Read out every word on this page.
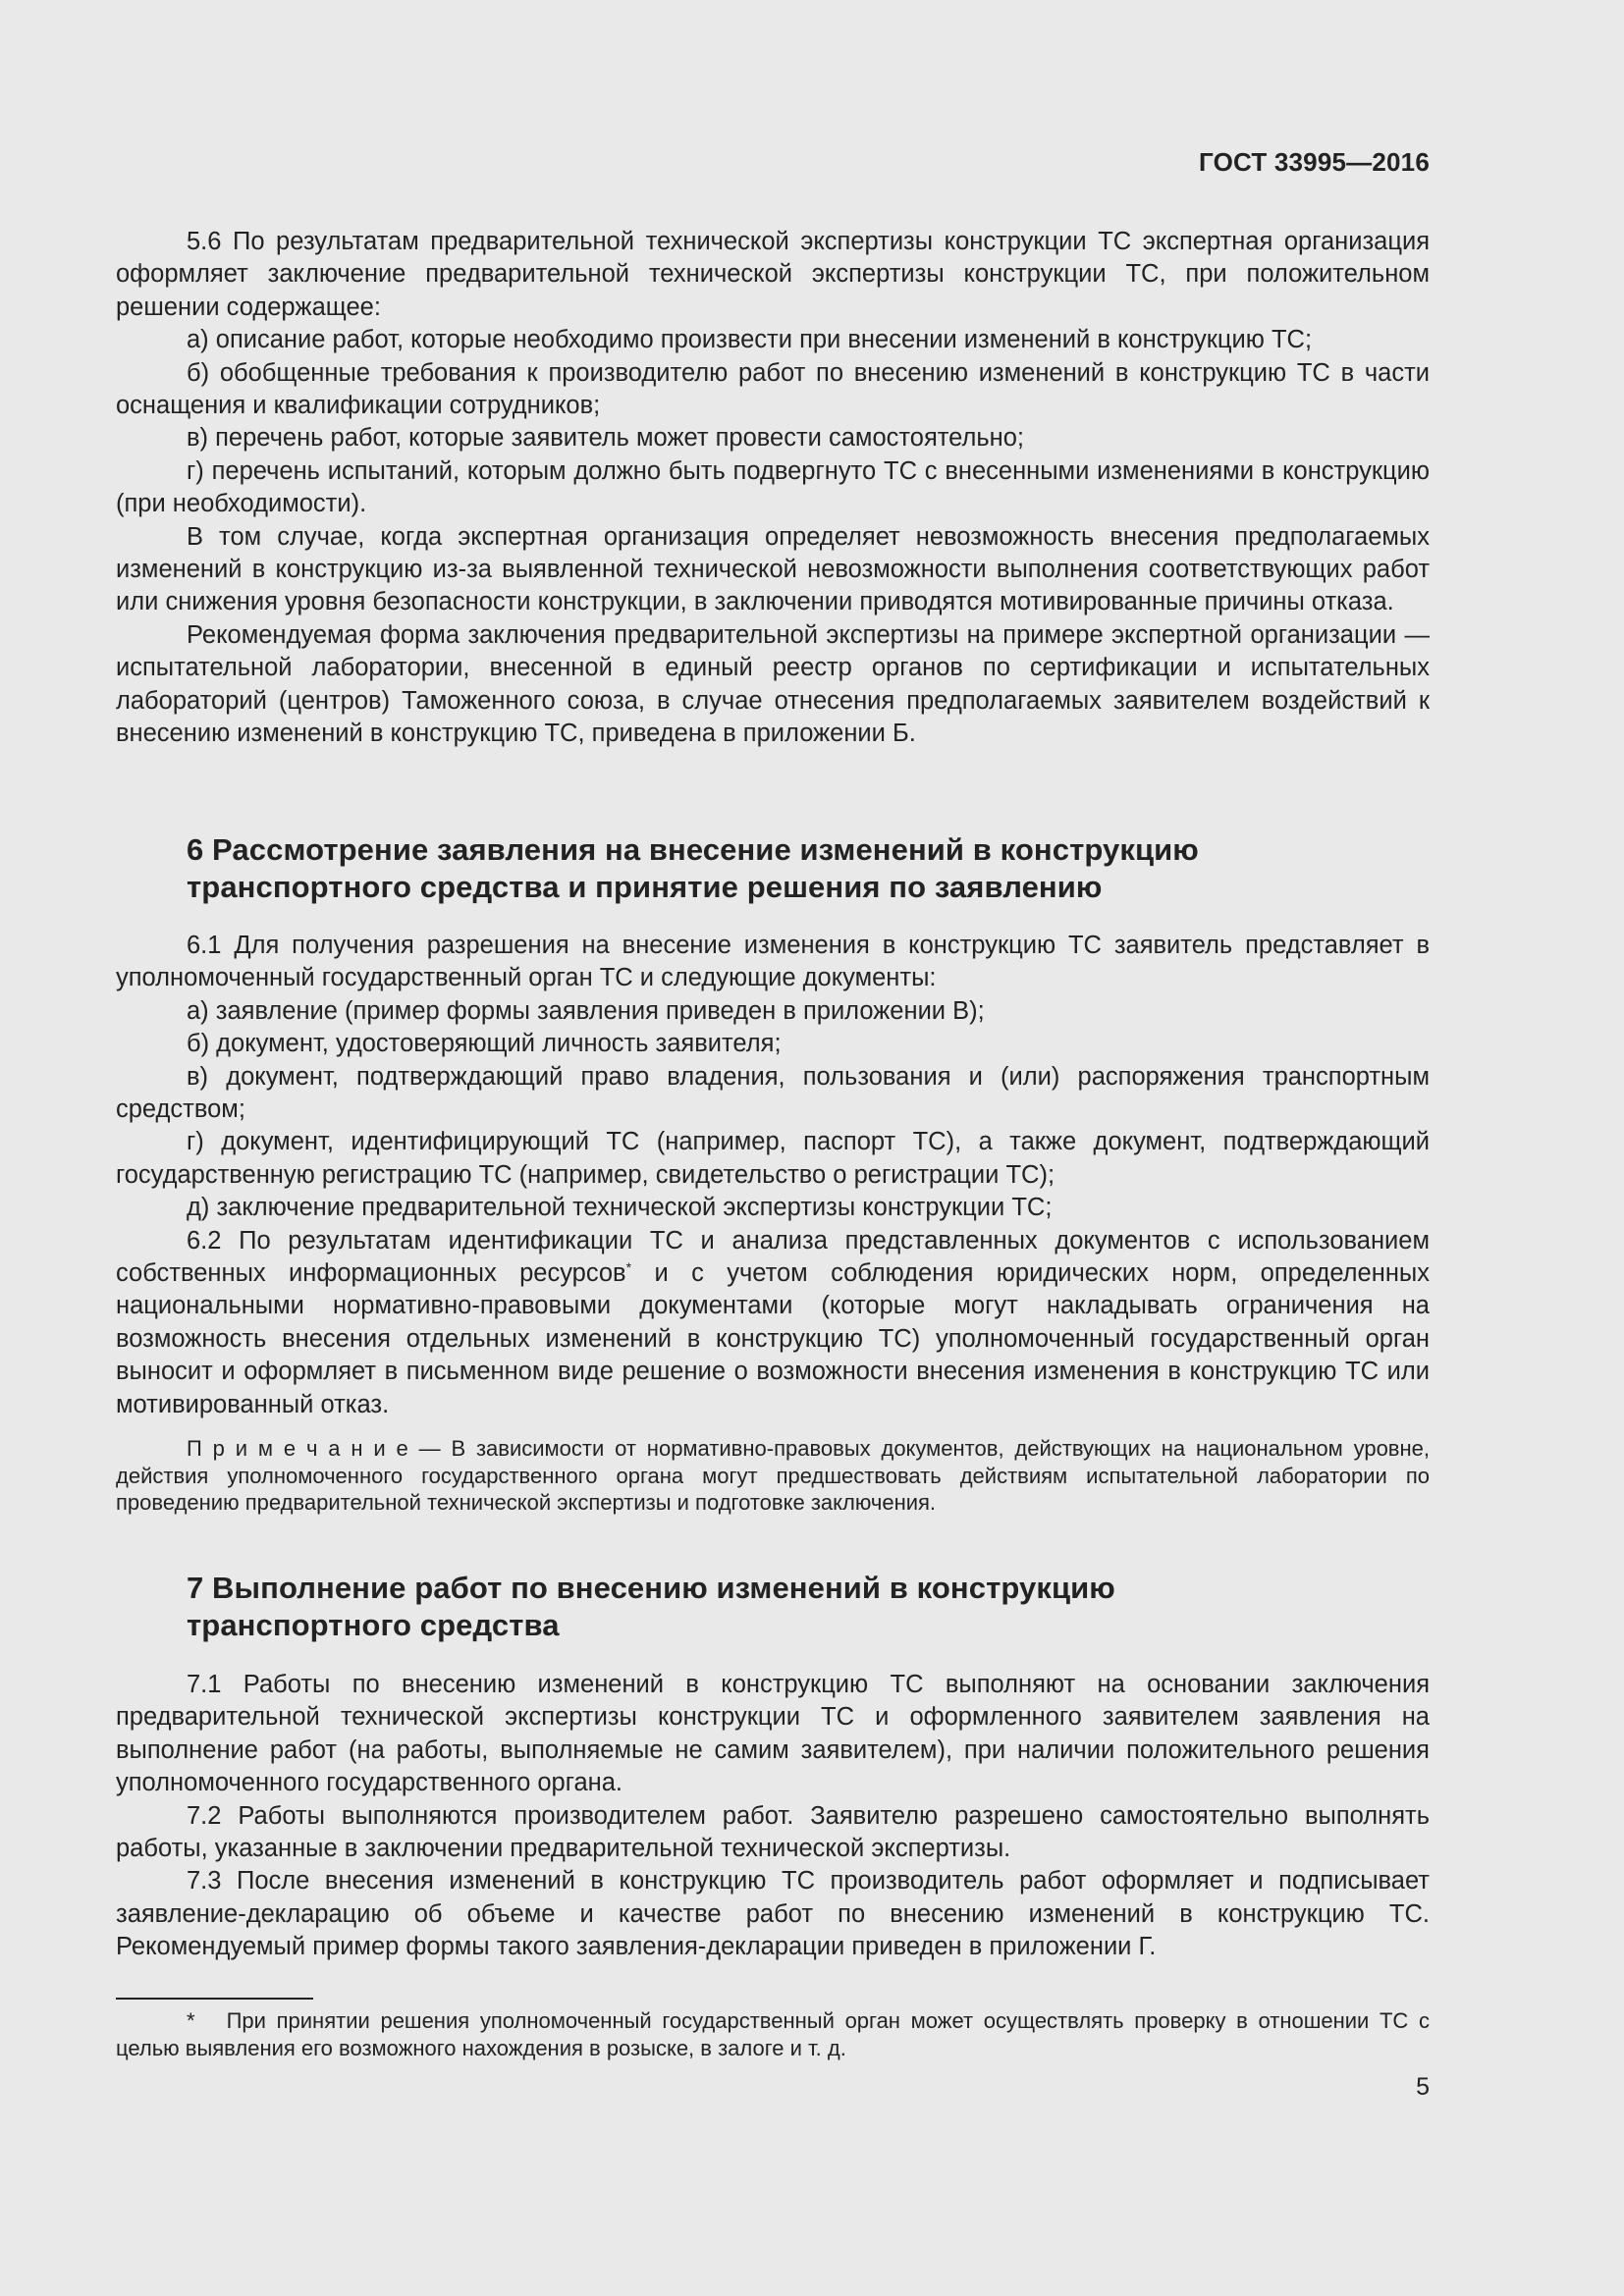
ГОСТ 33995—2016

5.6 По результатам предварительной технической экспертизы конструкции ТС экспертная организация оформляет заключение предварительной технической экспертизы конструкции ТС, при положительном решении содержащее:

а) описание работ, которые необходимо произвести при внесении изменений в конструкцию ТС;

б) обобщенные требования к производителю работ по внесению изменений в конструкцию ТС в части оснащения и квалификации сотрудников;

в) перечень работ, которые заявитель может провести самостоятельно;

г) перечень испытаний, которым должно быть подвергнуто ТС с внесенными изменениями в конструкцию (при необходимости).

В том случае, когда экспертная организация определяет невозможность внесения предполагаемых изменений в конструкцию из-за выявленной технической невозможности выполнения соответствующих работ или снижения уровня безопасности конструкции, в заключении приводятся мотивированные причины отказа.

Рекомендуемая форма заключения предварительной экспертизы на примере экспертной организации — испытательной лаборатории, внесенной в единый реестр органов по сертификации и испытательных лабораторий (центров) Таможенного союза, в случае отнесения предполагаемых заявителем воздействий к внесению изменений в конструкцию ТС, приведена в приложении Б.

6 Рассмотрение заявления на внесение изменений в конструкцию
транспортного средства и принятие решения по заявлению

6.1 Для получения разрешения на внесение изменения в конструкцию ТС заявитель представляет в уполномоченный государственный орган ТС и следующие документы:

а) заявление (пример формы заявления приведен в приложении В);

б) документ, удостоверяющий личность заявителя;

в) документ, подтверждающий право владения, пользования и (или) распоряжения транспортным средством;

г) документ, идентифицирующий ТС (например, паспорт ТС), а также документ, подтверждающий государственную регистрацию ТС (например, свидетельство о регистрации ТС);

д) заключение предварительной технической экспертизы конструкции ТС;

6.2 По результатам идентификации ТС и анализа представленных документов с использованием собственных информационных ресурсов* и с учетом соблюдения юридических норм, определенных национальными нормативно-правовыми документами (которые могут накладывать ограничения на возможность внесения отдельных изменений в конструкцию ТС) уполномоченный государственный орган выносит и оформляет в письменном виде решение о возможности внесения изменения в конструкцию ТС или мотивированный отказ.

П р и м е ч а н и е — В зависимости от нормативно-правовых документов, действующих на национальном уровне, действия уполномоченного государственного органа могут предшествовать действиям испытательной лаборатории по проведению предварительной технической экспертизы и подготовке заключения.

7 Выполнение работ по внесению изменений в конструкцию
транспортного средства

7.1 Работы по внесению изменений в конструкцию ТС выполняют на основании заключения предварительной технической экспертизы конструкции ТС и оформленного заявителем заявления на выполнение работ (на работы, выполняемые не самим заявителем), при наличии положительного решения уполномоченного государственного органа.

7.2 Работы выполняются производителем работ. Заявителю разрешено самостоятельно выполнять работы, указанные в заключении предварительной технической экспертизы.

7.3 После внесения изменений в конструкцию ТС производитель работ оформляет и подписывает заявление-декларацию об объеме и качестве работ по внесению изменений в конструкцию ТС. Рекомендуемый пример формы такого заявления-декларации приведен в приложении Г.

* При принятии решения уполномоченный государственный орган может осуществлять проверку в отношении ТС с целью выявления его возможного нахождения в розыске, в залоге и т. д.

5
